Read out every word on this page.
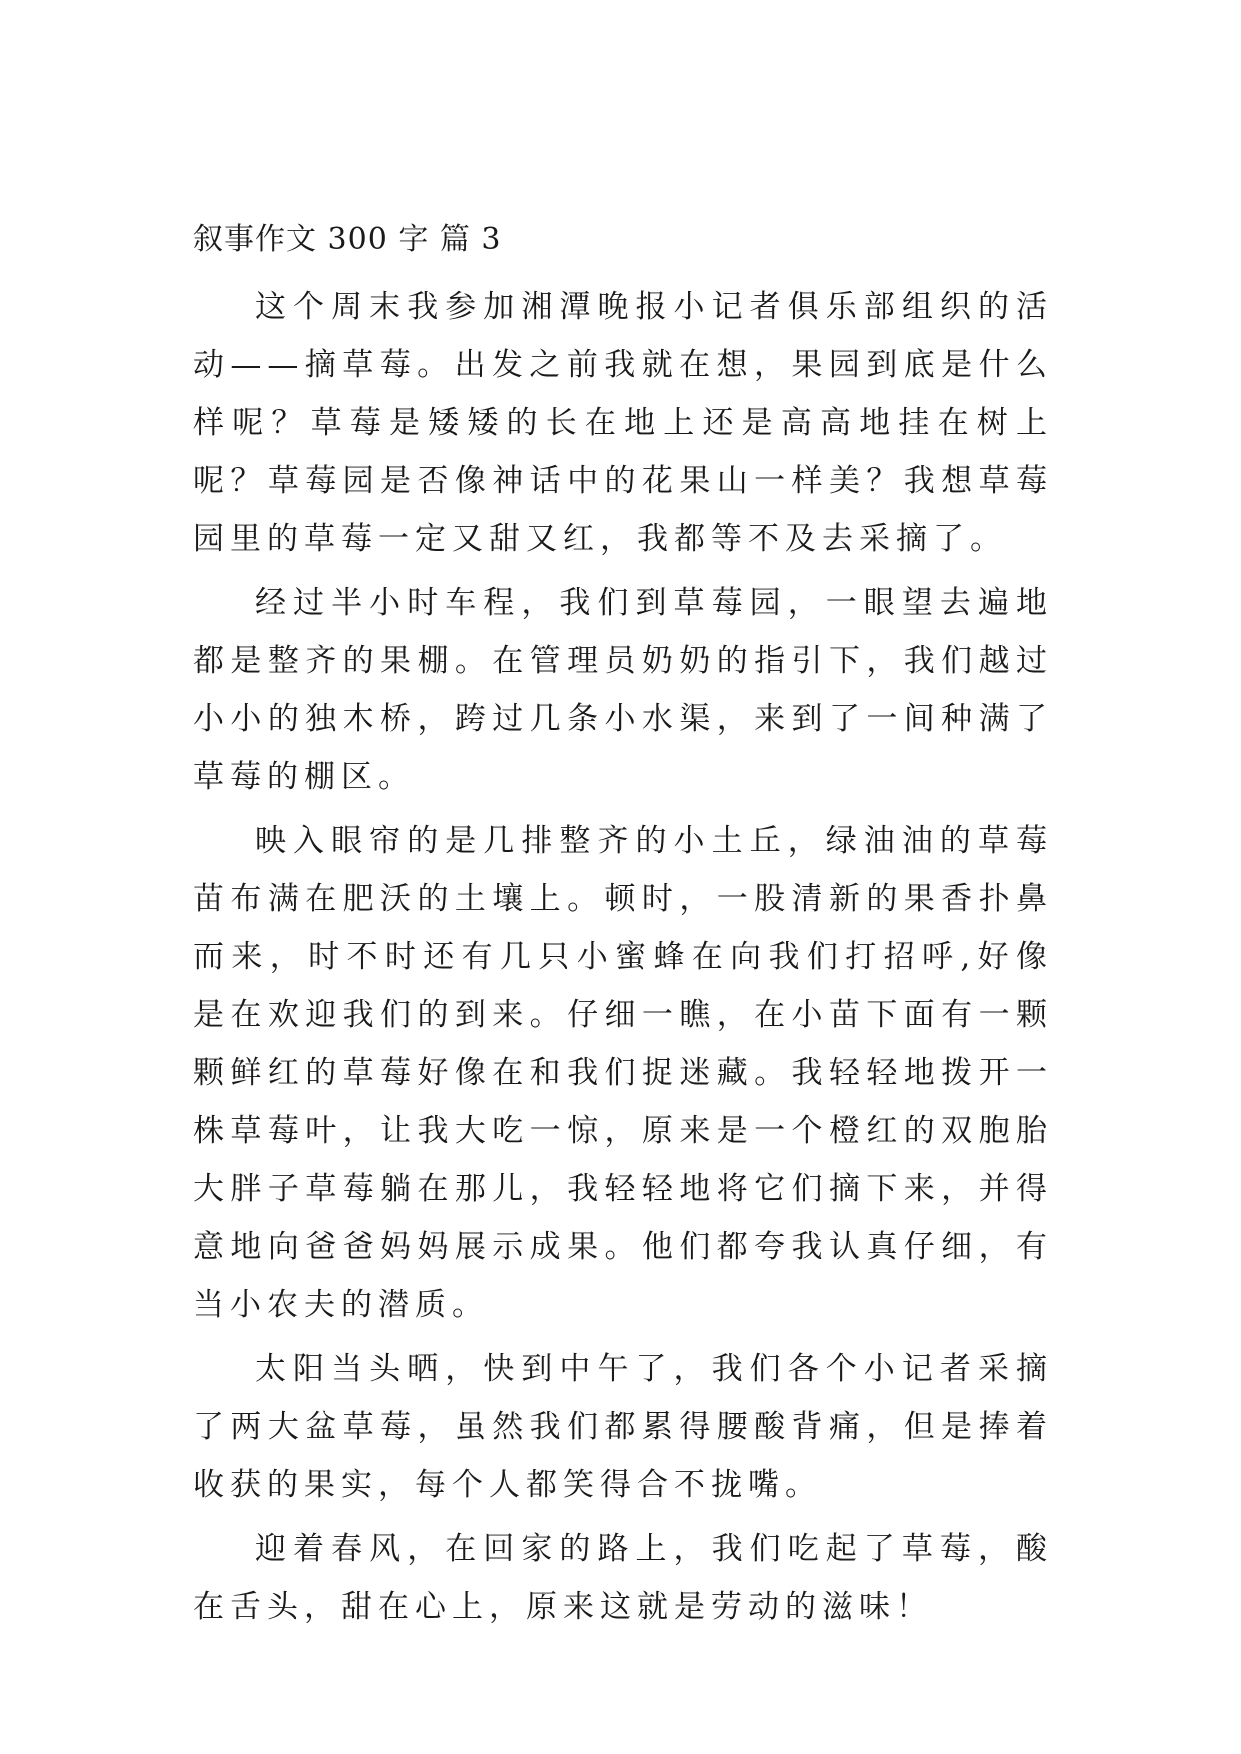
叙事作文 300 字 篇 3

这个周末我参加湘潭晚报小记者俱乐部组织的活动——摘草莓。出发之前我就在想，果园到底是什么样呢？草莓是矮矮的长在地上还是高高地挂在树上呢？草莓园是否像神话中的花果山一样美？我想草莓园里的草莓一定又甜又红，我都等不及去采摘了。

经过半小时车程，我们到草莓园，一眼望去遍地都是整齐的果棚。在管理员奶奶的指引下，我们越过小小的独木桥，跨过几条小水渠，来到了一间种满了草莓的棚区。

映入眼帘的是几排整齐的小土丘，绿油油的草莓苗布满在肥沃的土壤上。顿时，一股清新的果香扑鼻而来，时不时还有几只小蜜蜂在向我们打招呼,好像是在欢迎我们的到来。仔细一瞧，在小苗下面有一颗颗鲜红的草莓好像在和我们捉迷藏。我轻轻地拨开一株草莓叶，让我大吃一惊，原来是一个橙红的双胞胎大胖子草莓躺在那儿，我轻轻地将它们摘下来，并得意地向爸爸妈妈展示成果。他们都夸我认真仔细，有当小农夫的潜质。

太阳当头晒，快到中午了，我们各个小记者采摘了两大盆草莓，虽然我们都累得腰酸背痛，但是捧着收获的果实，每个人都笑得合不拢嘴。

迎着春风，在回家的路上，我们吃起了草莓，酸在舌头，甜在心上，原来这就是劳动的滋味！
